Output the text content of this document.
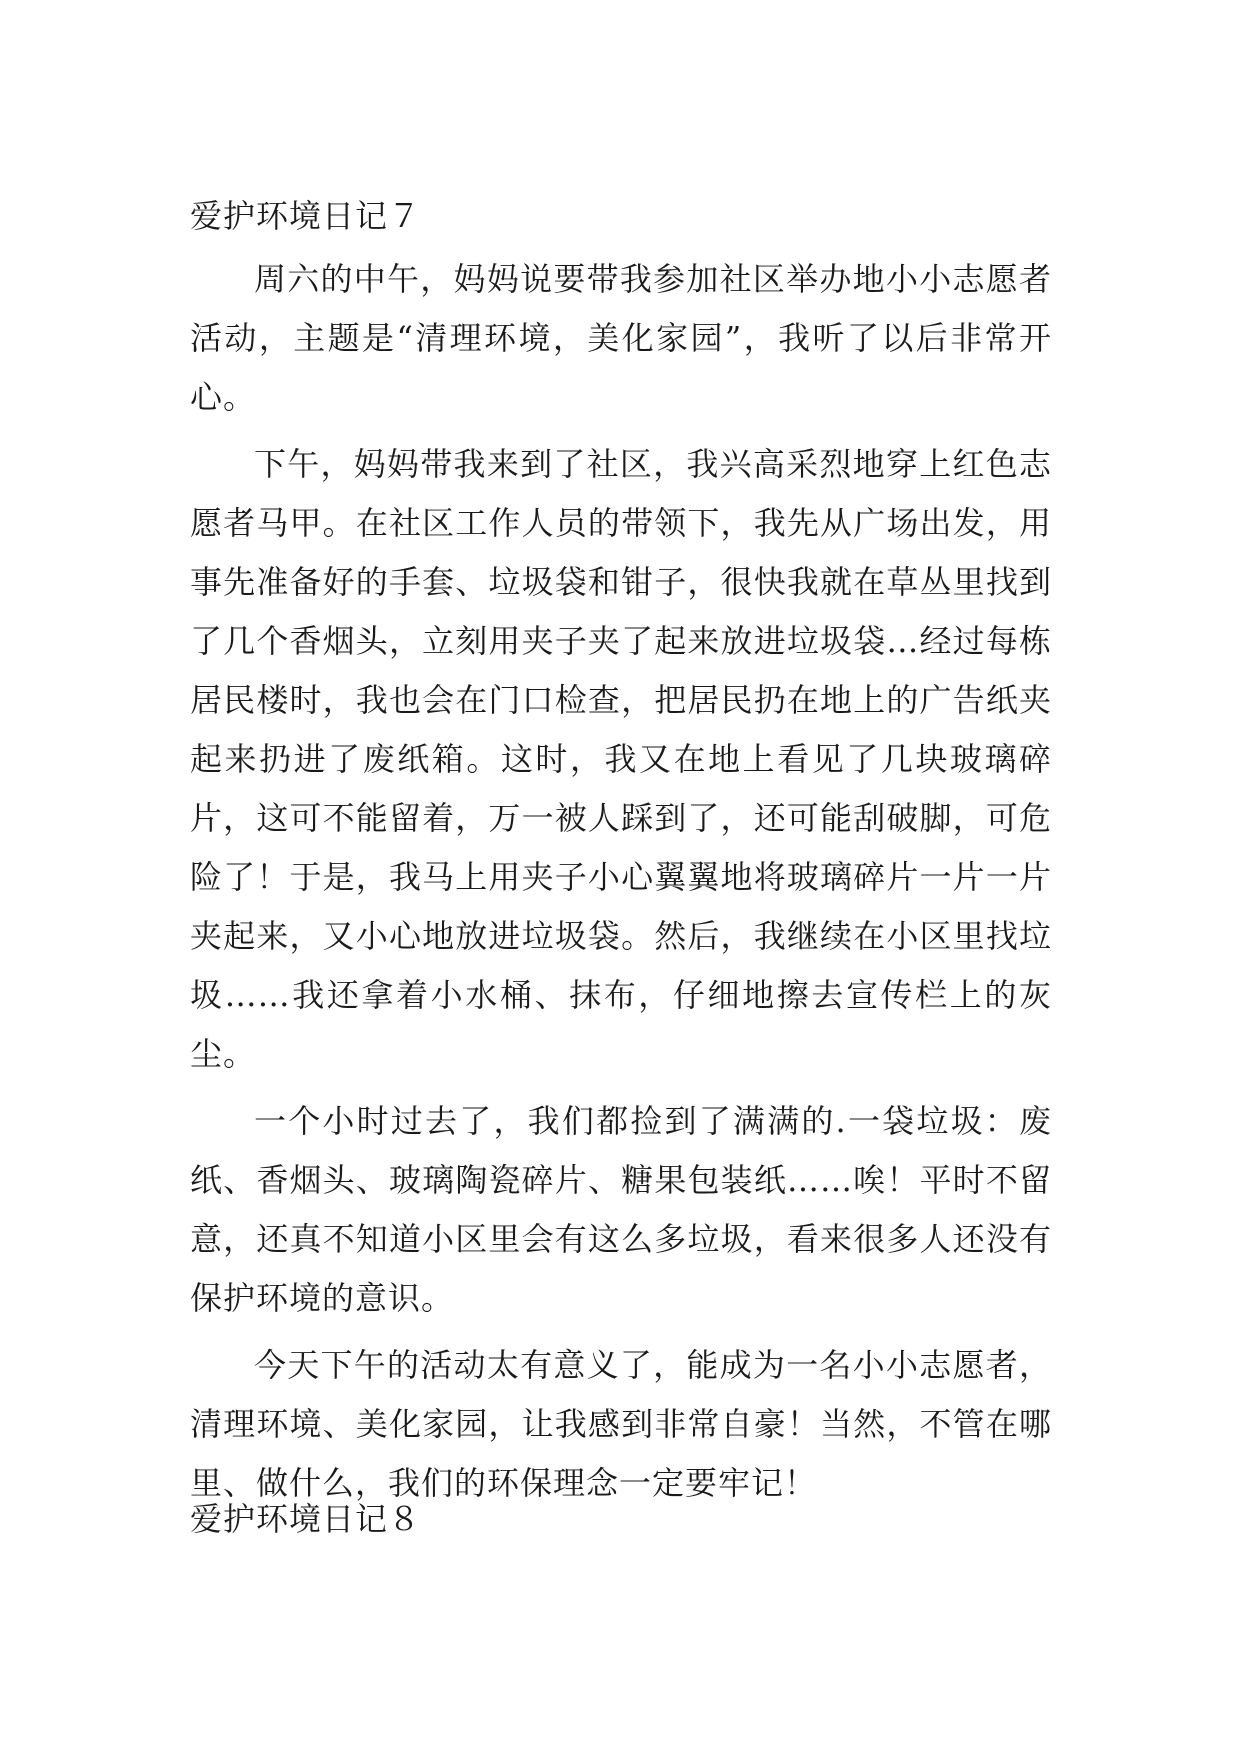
爱护环境日记７

周六的中午，妈妈说要带我参加社区举办地小小志愿者活动，主题是“清理环境，美化家园”，我听了以后非常开心。

下午，妈妈带我来到了社区，我兴高采烈地穿上红色志愿者马甲。在社区工作人员的带领下，我先从广场出发，用事先准备好的手套、垃圾袋和钳子，很快我就在草丛里找到了几个香烟头，立刻用夹子夹了起来放进垃圾袋…经过每栋居民楼时，我也会在门口检查，把居民扔在地上的广告纸夹起来扔进了废纸箱。这时，我又在地上看见了几块玻璃碎片，这可不能留着，万一被人踩到了，还可能刮破脚，可危险了！于是，我马上用夹子小心翼翼地将玻璃碎片一片一片夹起来，又小心地放进垃圾袋。然后，我继续在小区里找垃圾……我还拿着小水桶、抹布，仔细地擦去宣传栏上的灰尘。

一个小时过去了，我们都捡到了满满的.一袋垃圾：废纸、香烟头、玻璃陶瓷碎片、糖果包装纸……唉！平时不留意，还真不知道小区里会有这么多垃圾，看来很多人还没有保护环境的意识。

今天下午的活动太有意义了，能成为一名小小志愿者，清理环境、美化家园，让我感到非常自豪！当然，不管在哪里、做什么，我们的环保理念一定要牢记！

爱护环境日记８
